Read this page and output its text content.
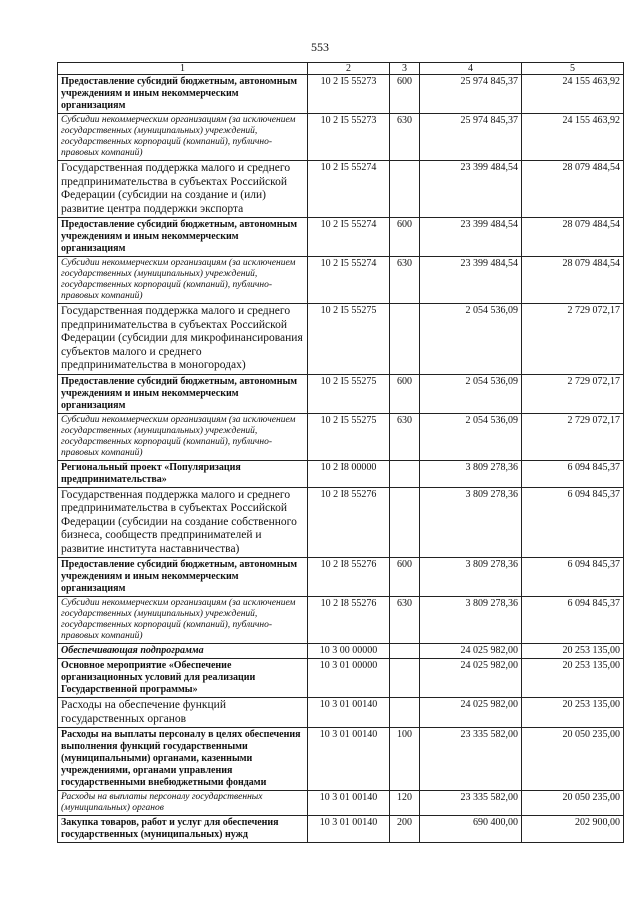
553
1	2	3	4	5
Предоставление субсидий бюджетным, автономным учреждениям и иным некоммерческим организациям	10 2 I5 55273	600	25 974 845,37	24 155 463,92
Субсидии некоммерческим организациям (за исключением государственных (муниципальных) учреждений, государственных корпораций (компаний), публично-правовых компаний)	10 2 I5 55273	630	25 974 845,37	24 155 463,92
Государственная поддержка малого и среднего предпринимательства в субъектах Российской Федерации (субсидии на создание и (или) развитие центра поддержки экспорта	10 2 I5 55274		23 399 484,54	28 079 484,54
Предоставление субсидий бюджетным, автономным учреждениям и иным некоммерческим организациям	10 2 I5 55274	600	23 399 484,54	28 079 484,54
Субсидии некоммерческим организациям (за исключением государственных (муниципальных) учреждений, государственных корпораций (компаний), публично-правовых компаний)	10 2 I5 55274	630	23 399 484,54	28 079 484,54
Государственная поддержка малого и среднего предпринимательства в субъектах Российской Федерации (субсидии для микрофинансирования субъектов малого и среднего предпринимательства в моногородах)	10 2 I5 55275		2 054 536,09	2 729 072,17
Предоставление субсидий бюджетным, автономным учреждениям и иным некоммерческим организациям	10 2 I5 55275	600	2 054 536,09	2 729 072,17
Субсидии некоммерческим организациям (за исключением государственных (муниципальных) учреждений, государственных корпораций (компаний), публично-правовых компаний)	10 2 I5 55275	630	2 054 536,09	2 729 072,17
Региональный проект «Популяризация предпринимательства»	10 2 I8 00000		3 809 278,36	6 094 845,37
Государственная поддержка малого и среднего предпринимательства в субъектах Российской Федерации (субсидии на создание собственного бизнеса, сообществ предпринимателей и развитие института наставничества)	10 2 I8 55276		3 809 278,36	6 094 845,37
Предоставление субсидий бюджетным, автономным учреждениям и иным некоммерческим организациям	10 2 I8 55276	600	3 809 278,36	6 094 845,37
Субсидии некоммерческим организациям (за исключением государственных (муниципальных) учреждений, государственных корпораций (компаний), публично-правовых компаний)	10 2 I8 55276	630	3 809 278,36	6 094 845,37
Обеспечивающая подпрограмма	10 3 00 00000		24 025 982,00	20 253 135,00
Основное мероприятие «Обеспечение организационных условий для реализации Государственной программы»	10 3 01 00000		24 025 982,00	20 253 135,00
Расходы на обеспечение функций государственных органов	10 3 01 00140		24 025 982,00	20 253 135,00
Расходы на выплаты персоналу в целях обеспечения выполнения функций государственными (муниципальными) органами, казенными учреждениями, органами управления государственными внебюджетными фондами	10 3 01 00140	100	23 335 582,00	20 050 235,00
Расходы на выплаты персоналу государственных (муниципальных) органов	10 3 01 00140	120	23 335 582,00	20 050 235,00
Закупка товаров, работ и услуг для обеспечения государственных (муниципальных) нужд	10 3 01 00140	200	690 400,00	202 900,00
